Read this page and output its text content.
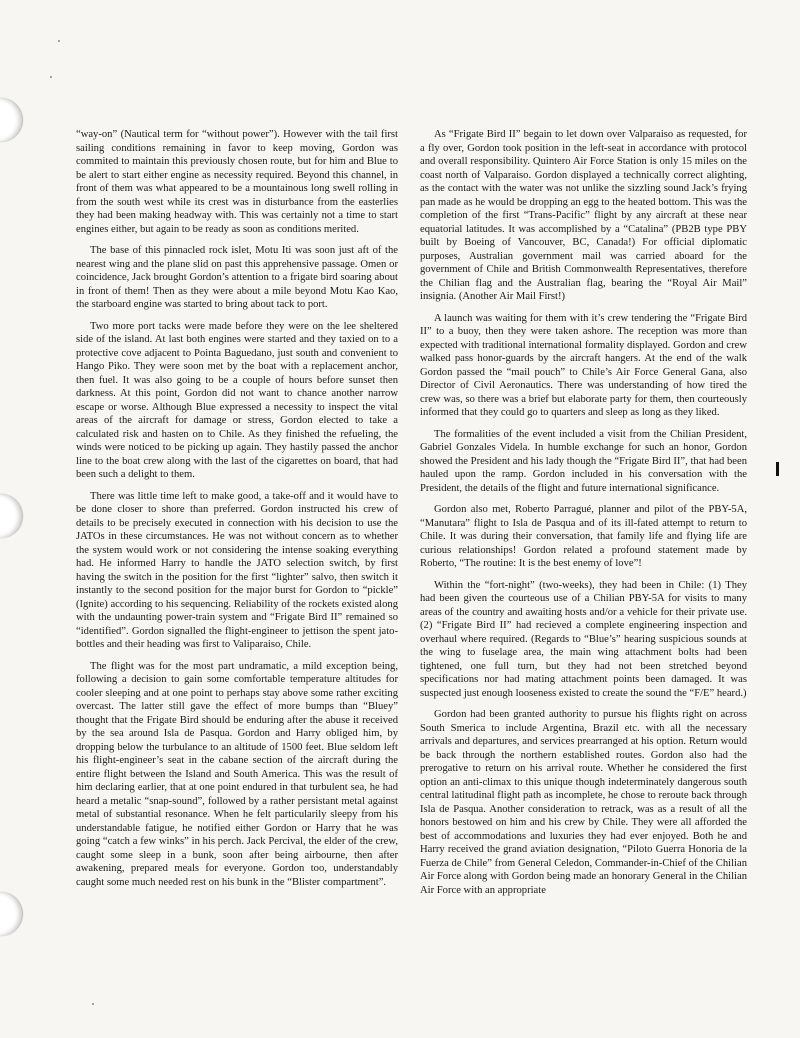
“way-on” (Nautical term for “without power”). However with the tail first sailing conditions remaining in favor to keep moving, Gordon was commited to maintain this previously chosen route, but for him and Blue to be alert to start either engine as necessity required. Beyond this channel, in front of them was what appeared to be a mountainous long swell rolling in from the south west while its crest was in disturbance from the easterlies they had been making headway with. This was certainly not a time to start engines either, but again to be ready as soon as conditions merited.

The base of this pinnacled rock islet, Motu Iti was soon just aft of the nearest wing and the plane slid on past this apprehensive passage. Omen or coincidence, Jack brought Gordon’s attention to a frigate bird soaring about in front of them! Then as they were about a mile beyond Motu Kao Kao, the starboard engine was started to bring about tack to port.

Two more port tacks were made before they were on the lee sheltered side of the island. At last both engines were started and they taxied on to a protective cove adjacent to Pointa Baguedano, just south and convenient to Hango Piko. They were soon met by the boat with a replacement anchor, then fuel. It was also going to be a couple of hours before sunset then darkness. At this point, Gordon did not want to chance another narrow escape or worse. Although Blue expressed a necessity to inspect the vital areas of the aircraft for damage or stress, Gordon elected to take a calculated risk and hasten on to Chile. As they finished the refueling, the winds were noticed to be picking up again. They hastily passed the anchor line to the boat crew along with the last of the cigarettes on board, that had been such a delight to them.

There was little time left to make good, a take-off and it would have to be done closer to shore than preferred. Gordon instructed his crew of details to be precisely executed in connection with his decision to use the JATOs in these circumstances. He was not without concern as to whether the system would work or not considering the intense soaking everything had. He informed Harry to handle the JATO selection switch, by first having the switch in the position for the first “lighter” salvo, then switch it instantly to the second position for the major burst for Gordon to “pickle” (Ignite) according to his sequencing. Reliability of the rockets existed along with the undaunting power-train system and “Frigate Bird II” remained so “identified”. Gordon signalled the flight-engineer to jettison the spent jato-bottles and their heading was first to Valiparaiso, Chile.

The flight was for the most part undramatic, a mild exception being, following a decision to gain some comfortable temperature altitudes for cooler sleeping and at one point to perhaps stay above some rather exciting overcast. The latter still gave the effect of more bumps than “Bluey” thought that the Frigate Bird should be enduring after the abuse it received by the sea around Isla de Pasqua. Gordon and Harry obliged him, by dropping below the turbulance to an altitude of 1500 feet. Blue seldom left his flight-engineer’s seat in the cabane section of the aircraft during the entire flight between the Island and South America. This was the result of him declaring earlier, that at one point endured in that turbulent sea, he had heard a metalic “snap-sound”, followed by a rather persistant metal against metal of substantial resonance. When he felt particularily sleepy from his understandable fatigue, he notified either Gordon or Harry that he was going “catch a few winks” in his perch. Jack Percival, the elder of the crew, caught some sleep in a bunk, soon after being airbourne, then after awakening, prepared meals for everyone. Gordon too, understandably caught some much needed rest on his bunk in the “Blister compartment”.

As “Frigate Bird II” begain to let down over Valparaiso as requested, for a fly over, Gordon took position in the left-seat in accordance with protocol and overall responsibility. Quintero Air Force Station is only 15 miles on the coast north of Valparaiso. Gordon displayed a technically correct alighting, as the contact with the water was not unlike the sizzling sound Jack’s frying pan made as he would be dropping an egg to the heated bottom. This was the completion of the first “Trans-Pacific” flight by any aircraft at these near equatorial latitudes. It was accomplished by a “Catalina” (PB2B type PBY built by Boeing of Vancouver, BC, Canada!) For official diplomatic purposes, Australian government mail was carried aboard for the government of Chile and British Commonwealth Representatives, therefore the Chilian flag and the Australian flag, bearing the “Royal Air Mail” insignia. (Another Air Mail First!)

A launch was waiting for them with it’s crew tendering the “Frigate Bird II” to a buoy, then they were taken ashore. The reception was more than expected with traditional international formality displayed. Gordon and crew walked pass honor-guards by the aircraft hangers. At the end of the walk Gordon passed the “mail pouch” to Chile’s Air Force General Gana, also Director of Civil Aeronautics. There was understanding of how tired the crew was, so there was a brief but elaborate party for them, then courteously informed that they could go to quarters and sleep as long as they liked.

The formalities of the event included a visit from the Chilian President, Gabriel Gonzales Videla. In humble exchange for such an honor, Gordon showed the President and his lady though the “Frigate Bird II”, that had been hauled upon the ramp. Gordon included in his conversation with the President, the details of the flight and future international significance.

Gordon also met, Roberto Parragué, planner and pilot of the PBY-5A, “Manutara” flight to Isla de Pasqua and of its ill-fated attempt to return to Chile. It was during their conversation, that family life and flying life are curious relationships! Gordon related a profound statement made by Roberto, “The routine: It is the best enemy of love”!

Within the “fort-night” (two-weeks), they had been in Chile: (1) They had been given the courteous use of a Chilian PBY-5A for visits to many areas of the country and awaiting hosts and/or a vehicle for their private use. (2) “Frigate Bird II” had recieved a complete engineering inspection and overhaul where required. (Regards to “Blue’s” hearing suspicious sounds at the wing to fuselage area, the main wing attachment bolts had been tightened, one full turn, but they had not been stretched beyond specifications nor had mating attachment points been damaged. It was suspected just enough looseness existed to create the sound the “F/E” heard.)

Gordon had been granted authority to pursue his flights right on across South Smerica to include Argentina, Brazil etc. with all the necessary arrivals and departures, and services prearranged at his option. Return would be back through the northern established routes. Gordon also had the prerogative to return on his arrival route. Whether he considered the first option an anti-climax to this unique though indeterminately dangerous south central latitudinal flight path as incomplete, he chose to reroute back through Isla de Pasqua. Another consideration to retrack, was as a result of all the honors bestowed on him and his crew by Chile. They were all afforded the best of accommodations and luxuries they had ever enjoyed. Both he and Harry received the grand aviation designation, “Piloto Guerra Honoria de la Fuerza de Chile” from General Celedon, Commander-in-Chief of the Chilian Air Force along with Gordon being made an honorary General in the Chilian Air Force with an appropriate
